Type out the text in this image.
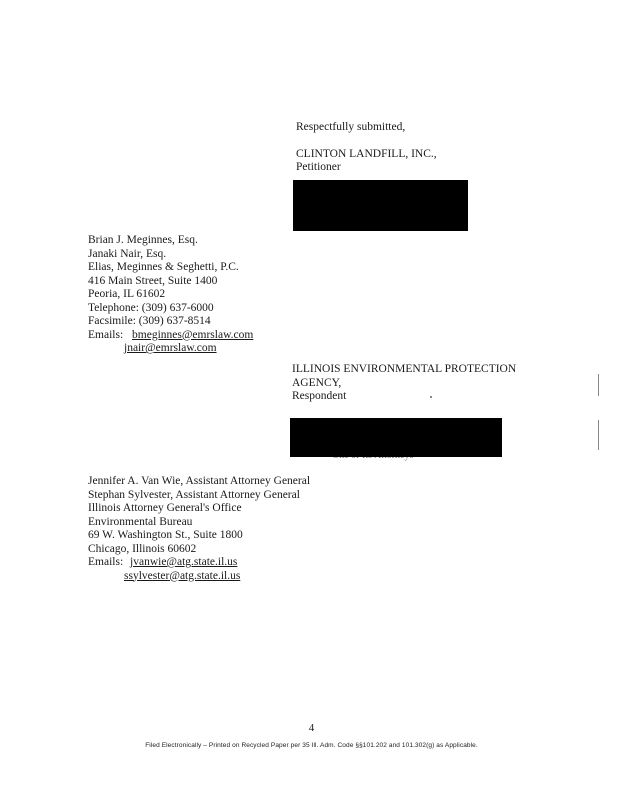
Respectfully submitted,
CLINTON LANDFILL, INC.,
Petitioner
Brian J. Meginnes, Esq.
Janaki Nair, Esq.
Elias, Meginnes & Seghetti, P.C.
416 Main Street, Suite 1400
Peoria, IL 61602
Telephone: (309) 637-6000
Facsimile: (309) 637-8514
Emails: bmeginnes@emrslaw.com
jnair@emrslaw.com
ILLINOIS ENVIRONMENTAL PROTECTION
AGENCY,
Respondent
Jennifer A. Van Wie, Assistant Attorney General
Stephan Sylvester, Assistant Attorney General
Illinois Attorney General's Office
Environmental Bureau
69 W. Washington St., Suite 1800
Chicago, Illinois 60602
Emails: jvanwie@atg.state.il.us
ssylvester@atg.state.il.us
4
Filed Electronically – Printed on Recycled Paper per 35 Ill. Adm. Code §§101.202 and 101.302(g) as Applicable.
